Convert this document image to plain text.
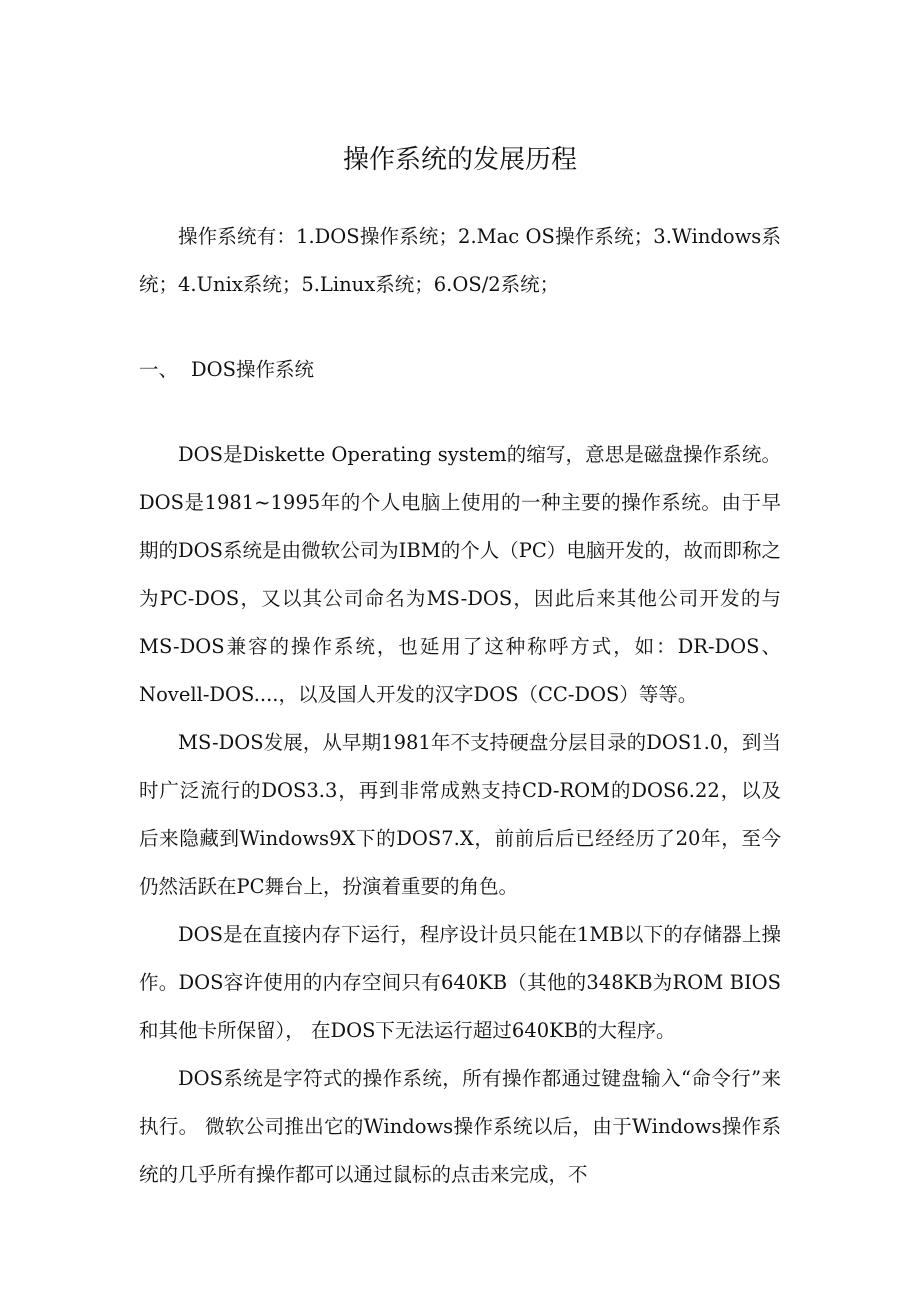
操作系统的发展历程

操作系统有：1.DOS操作系统；2.Mac OS操作系统；3.Windows系统；4.Unix系统；5.Linux系统；6.OS/2系统；

一、 DOS操作系统

DOS是Diskette Operating system的缩写，意思是磁盘操作系统。DOS是1981~1995年的个人电脑上使用的一种主要的操作系统。由于早期的DOS系统是由微软公司为IBM的个人（PC）电脑开发的，故而即称之为PC-DOS，又以其公司命名为MS-DOS，因此后来其他公司开发的与MS-DOS兼容的操作系统，也延用了这种称呼方式，如：DR-DOS、Novell-DOS....，以及国人开发的汉字DOS（CC-DOS）等等。

MS-DOS发展，从早期1981年不支持硬盘分层目录的DOS1.0，到当时广泛流行的DOS3.3，再到非常成熟支持CD-ROM的DOS6.22，以及后来隐藏到Windows9X下的DOS7.X，前前后后已经经历了20年，至今仍然活跃在PC舞台上，扮演着重要的角色。

DOS是在直接内存下运行，程序设计员只能在1MB以下的存储器上操作。DOS容许使用的内存空间只有640KB（其他的348KB为ROM BIOS和其他卡所保留）， 在DOS下无法运行超过640KB的大程序。

DOS系统是字符式的操作系统，所有操作都通过键盘输入“命令行”来执行。 微软公司推出它的Windows操作系统以后，由于Windows操作系统的几乎所有操作都可以通过鼠标的点击来完成，不
